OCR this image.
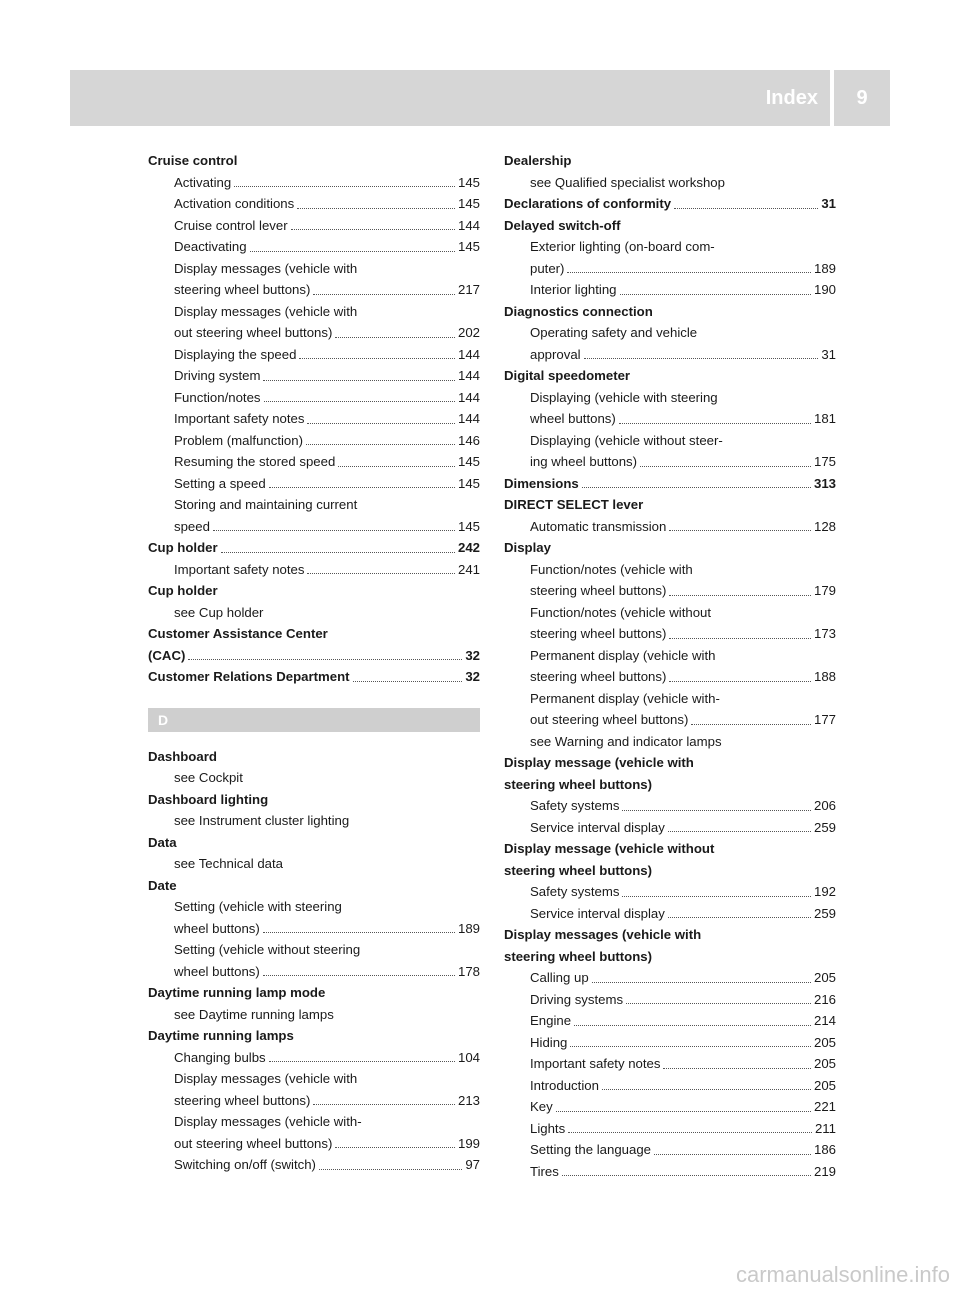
Index	9
Cruise control
Activating	145
Activation conditions	145
Cruise control lever	144
Deactivating	145
Display messages (vehicle with
steering wheel buttons)	217
Display messages (vehicle with
out steering wheel buttons)	202
Displaying the speed	144
Driving system	144
Function/notes	144
Important safety notes	144
Problem (malfunction)	146
Resuming the stored speed	145
Setting a speed	145
Storing and maintaining current
speed	145
Cup holder	242
Important safety notes	241
Cup holder
see Cup holder
Customer Assistance Center
(CAC)	32
Customer Relations Department	32
D
Dashboard
see Cockpit
Dashboard lighting
see Instrument cluster lighting
Data
see Technical data
Date
Setting (vehicle with steering
wheel buttons)	189
Setting (vehicle without steering
wheel buttons)	178
Daytime running lamp mode
see Daytime running lamps
Daytime running lamps
Changing bulbs	104
Display messages (vehicle with
steering wheel buttons)	213
Display messages (vehicle with-
out steering wheel buttons)	199
Switching on/off (switch)	97
Dealership
see Qualified specialist workshop
Declarations of conformity	31
Delayed switch-off
Exterior lighting (on-board com-
puter)	189
Interior lighting	190
Diagnostics connection
Operating safety and vehicle
approval	31
Digital speedometer
Displaying (vehicle with steering
wheel buttons)	181
Displaying (vehicle without steer-
ing wheel buttons)	175
Dimensions	313
DIRECT SELECT lever
Automatic transmission	128
Display
Function/notes (vehicle with
steering wheel buttons)	179
Function/notes (vehicle without
steering wheel buttons)	173
Permanent display (vehicle with
steering wheel buttons)	188
Permanent display (vehicle with-
out steering wheel buttons)	177
see Warning and indicator lamps
Display message (vehicle with
steering wheel buttons)
Safety systems	206
Service interval display	259
Display message (vehicle without
steering wheel buttons)
Safety systems	192
Service interval display	259
Display messages (vehicle with
steering wheel buttons)
Calling up	205
Driving systems	216
Engine	214
Hiding	205
Important safety notes	205
Introduction	205
Key	221
Lights	211
Setting the language	186
Tires	219
carmanualsonline.info
